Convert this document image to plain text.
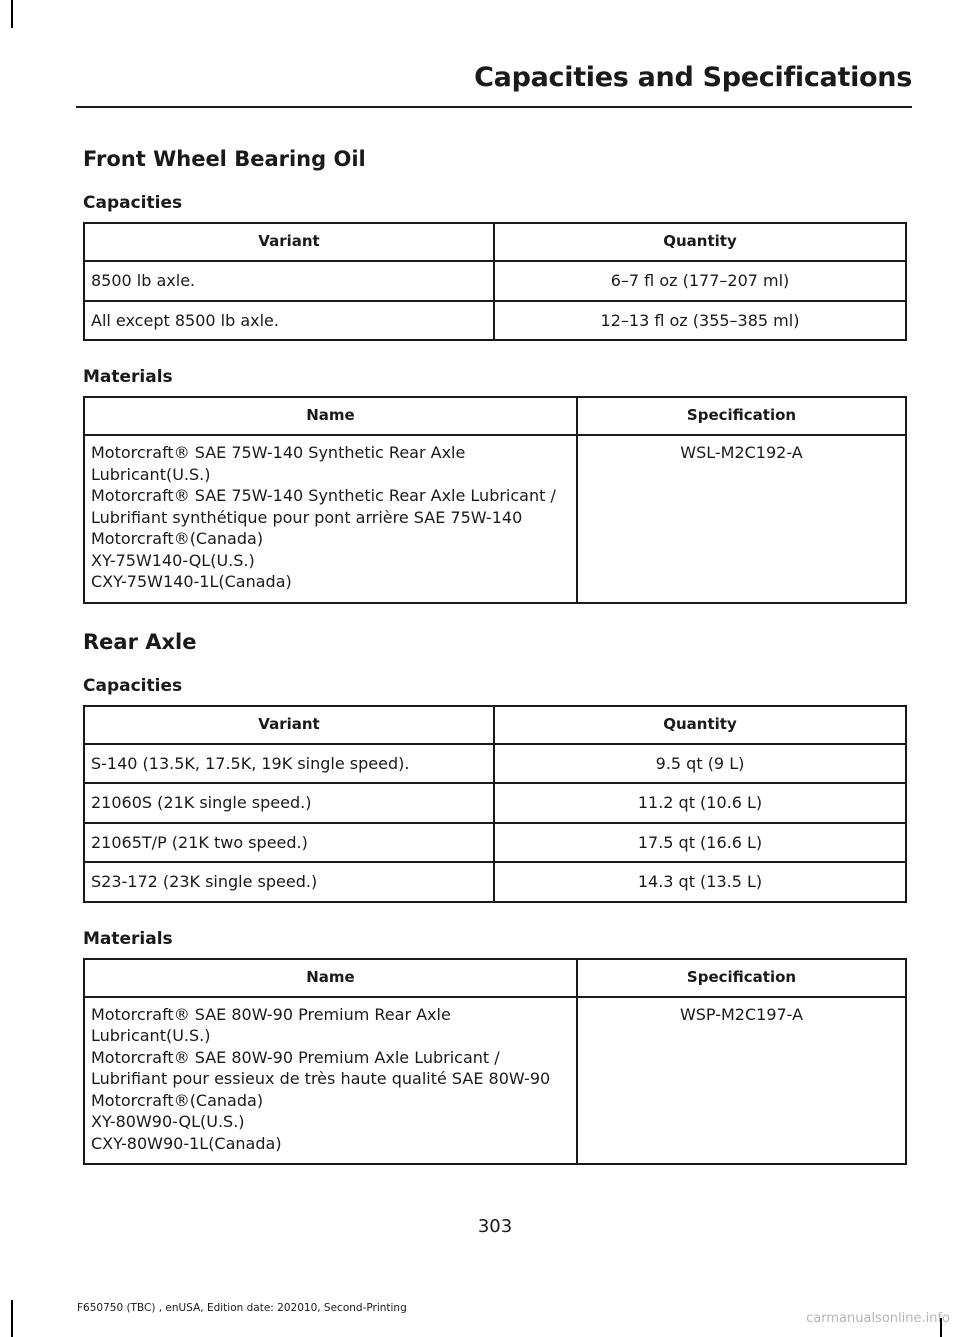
Capacities and Specifications
Front Wheel Bearing Oil
Capacities
Variant	Quantity
8500 lb axle.	6–7 fl oz (177–207 ml)
All except 8500 lb axle.	12–13 fl oz (355–385 ml)
Materials
Name	Specification
Motorcraft® SAE 75W-140 Synthetic Rear Axle Lubricant(U.S.)
Motorcraft® SAE 75W-140 Synthetic Rear Axle Lubricant / Lubrifiant synthétique pour pont arrière SAE 75W-140 Motorcraft®(Canada)
XY-75W140-QL(U.S.)
CXY-75W140-1L(Canada)	WSL-M2C192-A
Rear Axle
Capacities
Variant	Quantity
S-140 (13.5K, 17.5K, 19K single speed).	9.5 qt (9 L)
21060S (21K single speed.)	11.2 qt (10.6 L)
21065T/P (21K two speed.)	17.5 qt (16.6 L)
S23-172 (23K single speed.)	14.3 qt (13.5 L)
Materials
Name	Specification
Motorcraft® SAE 80W-90 Premium Rear Axle Lubricant(U.S.)
Motorcraft® SAE 80W-90 Premium Axle Lubricant / Lubrifiant pour essieux de très haute qualité SAE 80W-90 Motorcraft®(Canada)
XY-80W90-QL(U.S.)
CXY-80W90-1L(Canada)	WSP-M2C197-A
303
F650750 (TBC) , enUSA, Edition date: 202010, Second-Printing
carmanualsonline.info
